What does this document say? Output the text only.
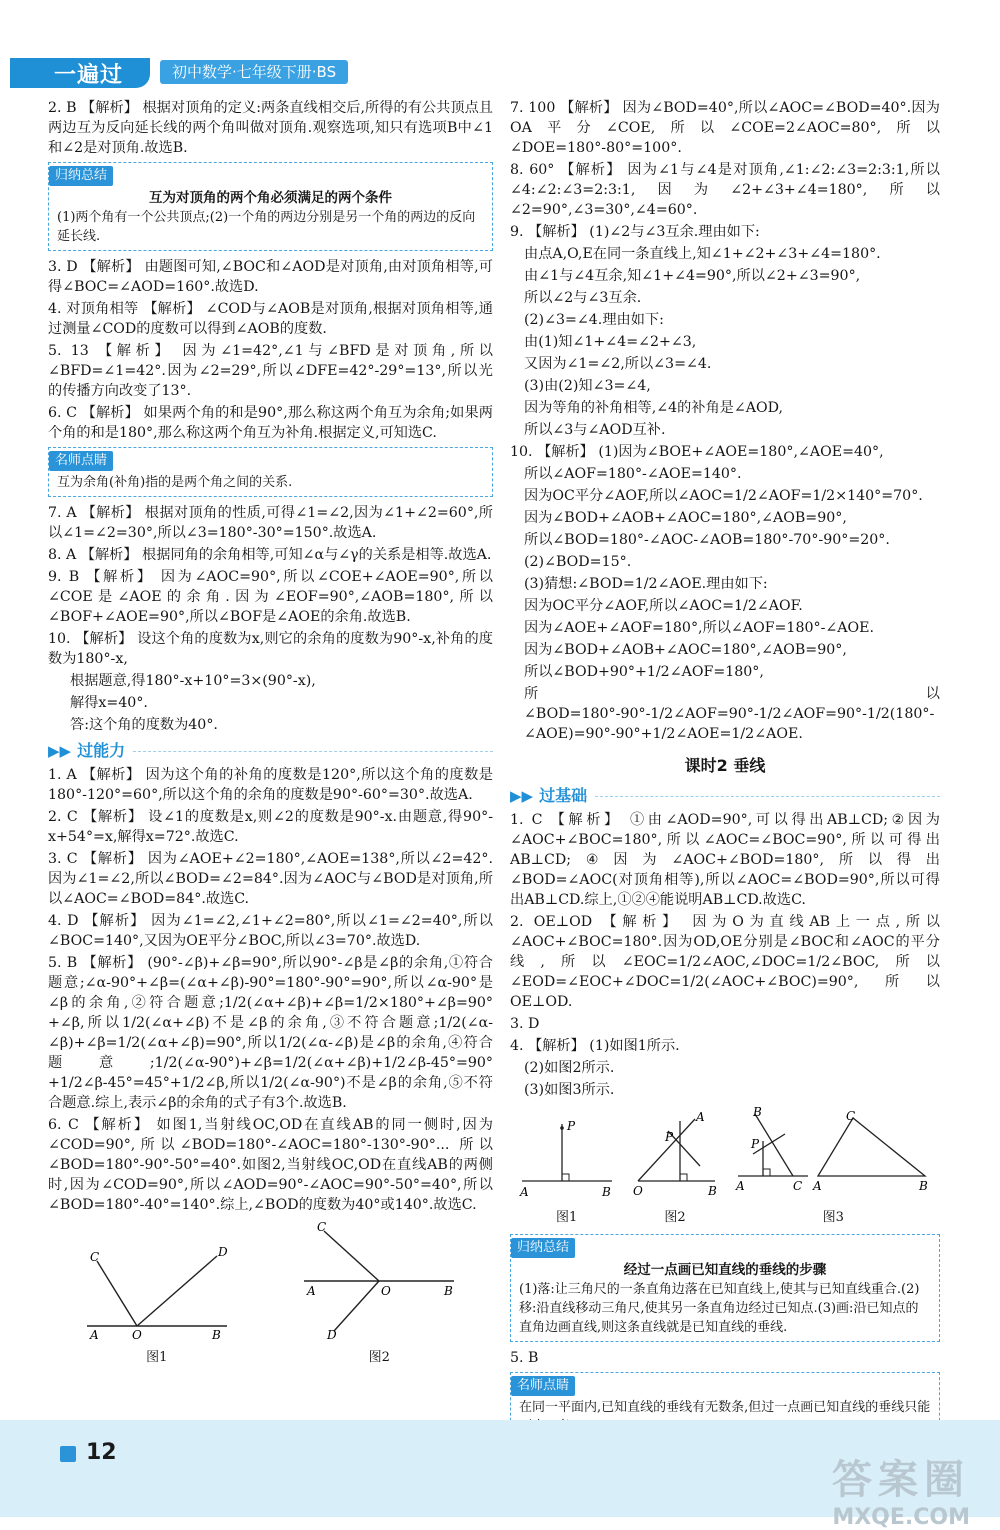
一遍过	初中数学·七年级下册·BS
2. B 【解析】 根据对顶角的定义:两条直线相交后,所得的有公共顶点且两边互为反向延长线的两个角叫做对顶角.观察选项,知只有选项B中∠1和∠2是对顶角.故选B.
归纳总结
互为对顶角的两个角必须满足的两个条件
(1)两个角有一个公共顶点;(2)一个角的两边分别是另一个角的两边的反向延长线.
3. D 【解析】 由题图可知,∠BOC和∠AOD是对顶角,由对顶角相等,可得∠BOC=∠AOD=160°.故选D.
4. 对顶角相等 【解析】 ∠COD与∠AOB是对顶角,根据对顶角相等,通过测量∠COD的度数可以得到∠AOB的度数.
5. 13 【解析】 因为∠1=42°,∠1与∠BFD是对顶角,所以∠BFD=∠1=42°.因为∠2=29°,所以∠DFE=42°-29°=13°,所以光的传播方向改变了13°.
6. C 【解析】 如果两个角的和是90°,那么称这两个角互为余角;如果两个角的和是180°,那么称这两个角互为补角.根据定义,可知选C.
名师点睛
互为余角(补角)指的是两个角之间的关系.
7. A 【解析】 根据对顶角的性质,可得∠1=∠2,因为∠1+∠2=60°,所以∠1=∠2=30°,所以∠3=180°-30°=150°.故选A.
8. A 【解析】 根据同角的余角相等,可知∠α与∠γ的关系是相等.故选A.
9. B 【解析】 因为∠AOC=90°,所以∠COE+∠AOE=90°,所以∠COE是∠AOE的余角.因为∠EOF=90°,∠AOB=180°,所以∠BOF+∠AOE=90°,所以∠BOF是∠AOE的余角.故选B.
10. 【解析】 设这个角的度数为x,则它的余角的度数为90°-x,补角的度数为180°-x,
根据题意,得180°-x+10°=3×(90°-x),
解得x=40°.
答:这个角的度数为40°.
▶▶ 过能力
1. A 【解析】 因为这个角的补角的度数是120°,所以这个角的度数是180°-120°=60°,所以这个角的余角的度数是90°-60°=30°.故选A.
2. C 【解析】 设∠1的度数是x,则∠2的度数是90°-x.由题意,得90°-x+54°=x,解得x=72°.故选C.
3. C 【解析】 因为∠AOE+∠2=180°,∠AOE=138°,所以∠2=42°.因为∠1=∠2,所以∠BOD=∠2=84°.因为∠AOC与∠BOD是对顶角,所以∠AOC=∠BOD=84°.故选C.
4. D 【解析】 因为∠1=∠2,∠1+∠2=80°,所以∠1=∠2=40°,所以∠BOC=140°,又因为OE平分∠BOC,所以∠3=70°.故选D.
5. B 【解析】 (90°-∠β)+∠β=90°,所以90°-∠β是∠β的余角,①符合题意;∠α-90°+∠β=(∠α+∠β)-90°=180°-90°=90°,所以∠α-90°是∠β的余角,②符合题意;1/2(∠α+∠β)+∠β=1/2×180°+∠β=90°+∠β,所以1/2(∠α+∠β)不是∠β的余角,③不符合题意;1/2(∠α-∠β)+∠β=1/2(∠α+∠β)=90°,所以1/2(∠α-∠β)是∠β的余角,④符合题意;1/2(∠α-90°)+∠β=1/2(∠α+∠β)+1/2∠β-45°=90°+1/2∠β-45°=45°+1/2∠β,所以1/2(∠α-90°)不是∠β的余角,⑤不符合题意.综上,表示∠β的余角的式子有3个.故选B.
6. C 【解析】 如图1,当射线OC,OD在直线AB的同一侧时,因为∠COD=90°,所以∠BOD=180°-∠AOC=180°-130°-90°... 所以∠BOD=180°-90°-50°=40°.如图2,当射线OC,OD在直线AB的两侧时,因为∠COD=90°,所以∠AOD=90°-∠AOC=90°-50°=40°,所以∠BOD=180°-40°=140°.综上,∠BOD的度数为40°或140°.故选C.
A	O	B
C	D
图1
A	O	B
C
D
图2
7. 100 【解析】 因为∠BOD=40°,所以∠AOC=∠BOD=40°.因为OA平分∠COE,所以∠COE=2∠AOC=80°,所以∠DOE=180°-80°=100°.
8. 60° 【解析】 因为∠1与∠4是对顶角,∠1:∠2:∠3=2:3:1,所以∠4:∠2:∠3=2:3:1,因为∠2+∠3+∠4=180°,所以∠2=90°,∠3=30°,∠4=60°.
9. 【解析】 (1)∠2与∠3互余.理由如下:
由点A,O,E在同一条直线上,知∠1+∠2+∠3+∠4=180°.
由∠1与∠4互余,知∠1+∠4=90°,所以∠2+∠3=90°,
所以∠2与∠3互余.
(2)∠3=∠4.理由如下:
由(1)知∠1+∠4=∠2+∠3,
又因为∠1=∠2,所以∠3=∠4.
(3)由(2)知∠3=∠4,
因为等角的补角相等,∠4的补角是∠AOD,
所以∠3与∠AOD互补.
10. 【解析】 (1)因为∠BOE+∠AOE=180°,∠AOE=40°,
所以∠AOF=180°-∠AOE=140°.
因为OC平分∠AOF,所以∠AOC=1/2∠AOF=1/2×140°=70°.
因为∠BOD+∠AOB+∠AOC=180°,∠AOB=90°,
所以∠BOD=180°-∠AOC-∠AOB=180°-70°-90°=20°.
(2)∠BOD=15°.
(3)猜想:∠BOD=1/2∠AOE.理由如下:
因为OC平分∠AOF,所以∠AOC=1/2∠AOF.
因为∠AOE+∠AOF=180°,所以∠AOF=180°-∠AOE.
因为∠BOD+∠AOB+∠AOC=180°,∠AOB=90°,
所以∠BOD+90°+1/2∠AOF=180°,
所以∠BOD=180°-90°-1/2∠AOF=90°-1/2∠AOF=90°-1/2(180°-∠AOE)=90°-90°+1/2∠AOE=1/2∠AOE.
课时2 垂线
▶▶ 过基础
1. C 【解析】 ①由∠AOD=90°,可以得出AB⊥CD;②因为∠AOC+∠BOC=180°,所以∠AOC=∠BOC=90°,所以可得出AB⊥CD;④因为∠AOC+∠BOD=180°,所以得出∠BOD=∠AOC(对顶角相等),所以∠AOC=∠BOD=90°,所以可得出AB⊥CD.综上,①②④能说明AB⊥CD.故选C.
2. OE⊥OD 【解析】 因为O为直线AB上一点,所以∠AOC+∠BOC=180°.因为OD,OE分别是∠BOC和∠AOC的平分线,所以∠EOC=1/2∠AOC,∠DOC=1/2∠BOC,所以∠EOD=∠EOC+∠DOC=1/2(∠AOC+∠BOC)=90°,所以OE⊥OD.
3. D
4. 【解析】 (1)如图1所示.
(2)如图2所示.
(3)如图3所示.
P
A	B
图1
P
A
O	B
图2
B
P
A	C
C
A	B
图3
归纳总结
经过一点画已知直线的垂线的步骤
(1)落:让三角尺的一条直角边落在已知直线上,使其与已知直线重合.(2)移:沿直线移动三角尺,使其另一条直角边经过已知点.(3)画:沿已知点的直角边画直线,则这条直线就是已知直线的垂线.
5. B
名师点睛
在同一平面内,已知直线的垂线有无数条,但过一点画已知直线的垂线只能
12
答案圈
MXQE.COM
